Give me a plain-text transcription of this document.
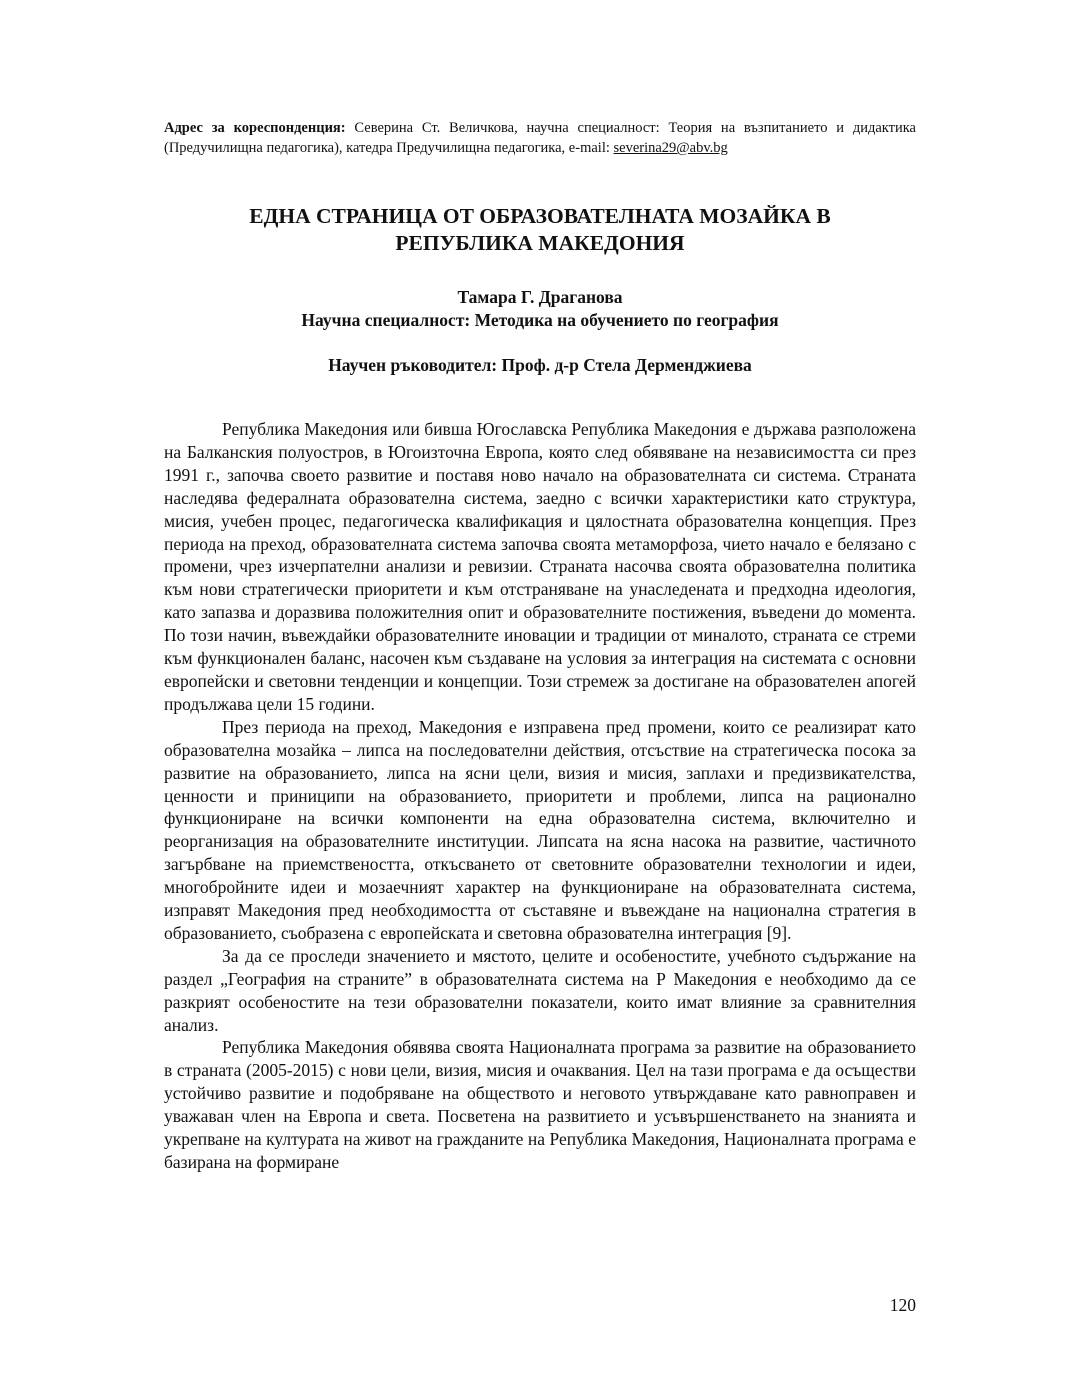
Адрес за кореспонденция: Северина Ст. Величкова, научна специалност: Теория на възпитанието и дидактика (Предучилищна педагогика), катедра Предучилищна педагогика, e-mail: severina29@abv.bg
ЕДНА СТРАНИЦА ОТ ОБРАЗОВАТЕЛНАТА МОЗАЙКА В
РЕПУБЛИКА МАКЕДОНИЯ
Тамара Г. Драганова
Научна специалност: Методика на обучението по география
Научен ръководител: Проф. д-р Стела Дерменджиева

Република Македония или бивша Югославска Република Македония е държава разположена на Балканския полуостров, в Югоизточна Европа, която след обявяване на независимостта си през 1991 г., започва своето развитие и поставя ново начало на образователната си система. Страната наследява федералната образователна система, заедно с всички характеристики като структура, мисия, учебен процес, педагогическа квалификация и цялостната образователна концепция. През периода на преход, образователната система започва своята метаморфоза, чието начало е белязано с промени, чрез изчерпателни анализи и ревизии. Страната насочва своята образователна политика към нови стратегически приоритети и към отстраняване на унаследената и предходна идеология, като запазва и доразвива положителния опит и образователните постижения, въведени до момента. По този начин, въвеждайки образователните иновации и традиции от миналото, страната се стреми към функционален баланс, насочен към създаване на условия за интеграция на системата с основни европейски и световни тенденции и концепции. Този стремеж за достигане на образователен апогей продължава цели 15 години.

През периода на преход, Македония е изправена пред промени, които се реализират като образователна мозайка – липса на последователни действия, отсъствие на стратегическа посока за развитие на образованието, липса на ясни цели, визия и мисия, заплахи и предизвикателства, ценности и приниципи на образованието, приоритети и проблеми, липса на рационално функциониране на всички компоненти на една образователна система, включително и реорганизация на образователните институции. Липсата на ясна насока на развитие, частичното загърбване на приемствеността, откъсването от световните образователни технологии и идеи, многобройните идеи и мозаечният характер на функциониране на образователната система, изправят Македония пред необходимостта от съставяне и въвеждане на национална стратегия в образованието, съобразена с европейската и световна образователна интеграция [9].

За да се проследи значението и мястото, целите и особеностите, учебното съдържание на раздел „География на страните” в образователната система на Р Македония е необходимо да се разкрият особеностите на тези образователни показатели, които имат влияние за сравнителния анализ.

Република Македония обявява своята Националната програма за развитие на образованието в страната (2005-2015) с нови цели, визия, мисия и очаквания. Цел на тази програма е да осъществи устойчиво развитие и подобряване на обществото и неговото утвърждаване като равноправен и уважаван член на Европа и света. Посветена на развитието и усъвършенстването на знанията и укрепване на културата на живот на гражданите на Република Македония, Националната програма е базирана на формиране

120
